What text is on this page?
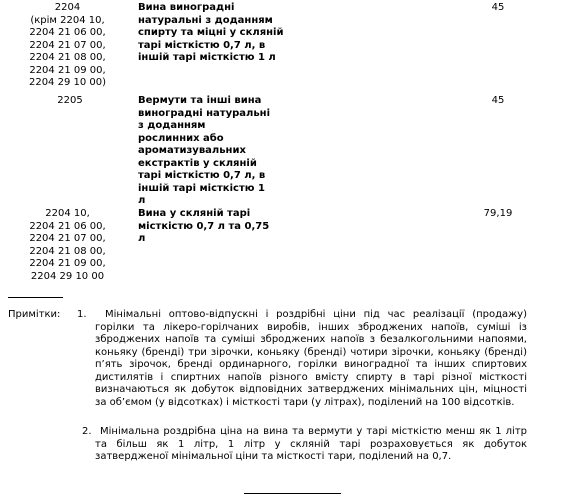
2204
(крім 2204 10,
2204 21 06 00,
2204 21 07 00,
2204 21 08 00,
2204 21 09 00,
2204 29 10 00)
Вина виноградні натуральні з доданням спирту та міцні у скляній тарі місткістю 0,7 л, в іншій тарі місткістю 1 л
45
2205	Вермути та інші вина виноградні натуральні з доданням рослинних або ароматизувальних екстрактів у скляній тарі місткістю 0,7 л, в іншій тарі місткістю 1 л
45
2204 10,
2204 21 06 00,
2204 21 07 00,
2204 21 08 00,
2204 21 09 00,
2204 29 10 00
Вина у скляній тарі місткістю 0,7 л та 0,75 л
79,19
Примітки: 1.	Мінімальні оптово-відпускні і роздрібні ціни під час реалізації (продажу) горілки та лікеро-горілчаних виробів, інших зброджених напоїв, суміші із зброджених напоїв та суміші зброджених напоїв з безалкогольними напоями, коньяку (бренді) три зірочки, коньяку (бренді) чотири зірочки, коньяку (бренді) п’ять зірочок, бренді ординарного, горілки виноградної та інших спиртових дистилятів і спиртних напоїв різного вмісту спирту в тарі різної місткості визначаються як добуток відповідних затверджених мінімальних цін, міцності за об’ємом (у відсотках) і місткості тари (у літрах), поділений на 100 відсотків.
2. Мінімальна роздрібна ціна на вина та вермути у тарі місткістю менш як 1 літр та більш як 1 літр, 1 літр у скляній тарі розраховується як добуток затвердженої мінімальної ціни та місткості тари, поділений на 0,7.
